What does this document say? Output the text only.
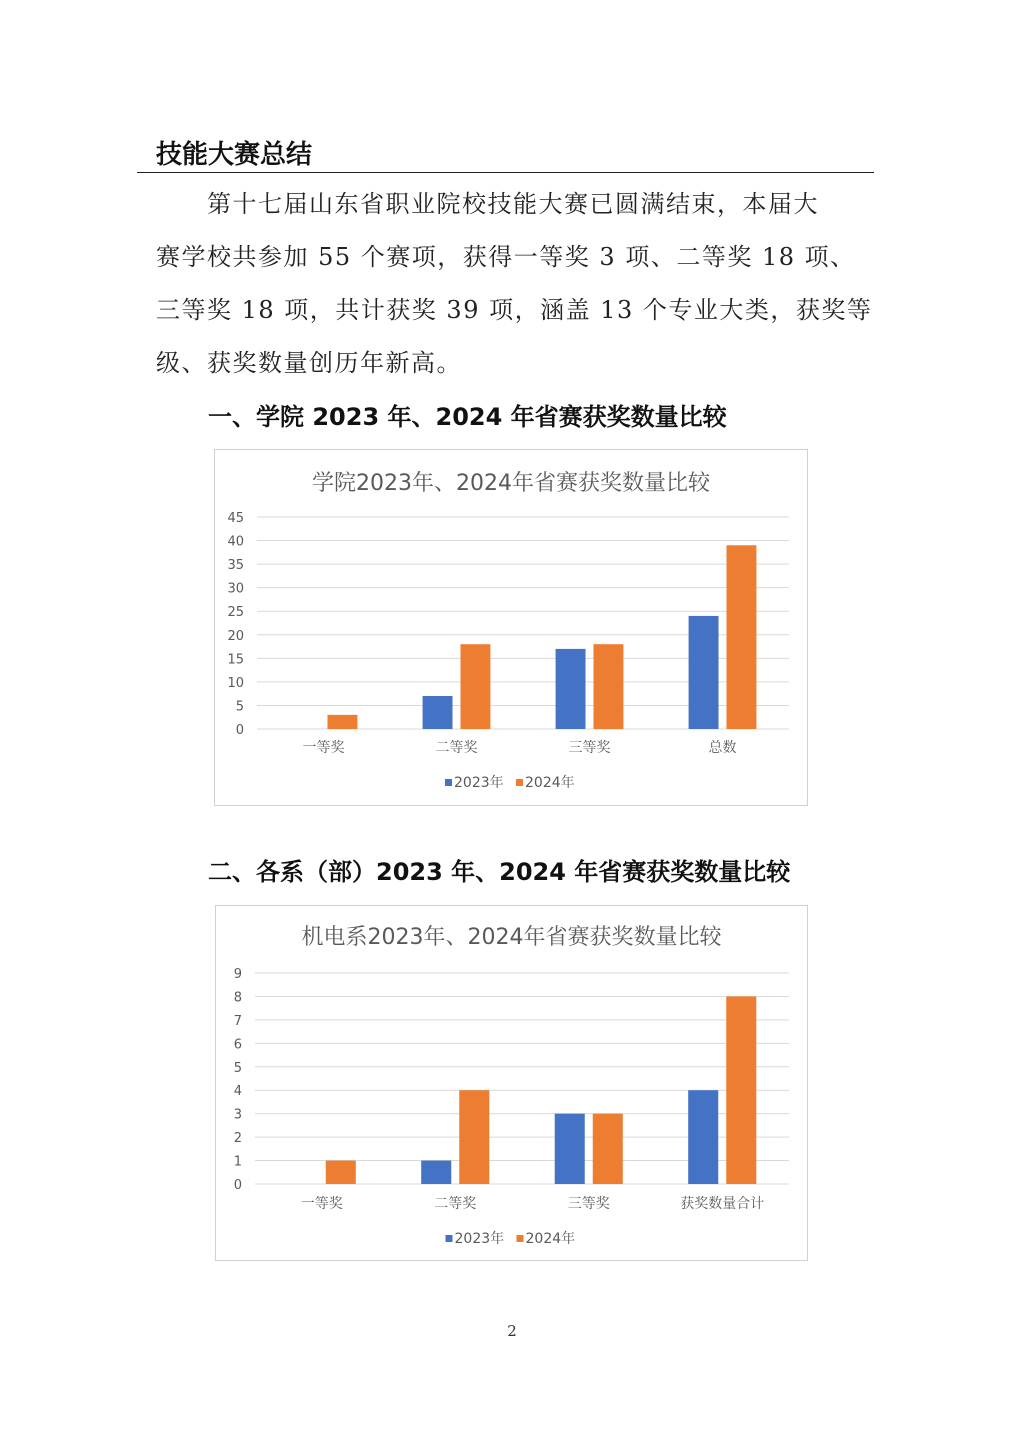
技能大赛总结
　　第十七届山东省职业院校技能大赛已圆满结束，本届大
赛学校共参加 55 个赛项，获得一等奖 3 项、二等奖 18 项、
三等奖 18 项，共计获奖 39 项，涵盖 13 个专业大类，获奖等
级、获奖数量创历年新高。
一、学院 2023 年、2024 年省赛获奖数量比较
学院2023年、2024年省赛获奖数量比较
0
5
10
15
20
25
30
35
40
45
一等奖	二等奖	三等奖	总数
2023年 2024年
二、各系（部）2023 年、2024 年省赛获奖数量比较
机电系2023年、2024年省赛获奖数量比较
0
1
2
3
4
5
6
7
8
9
一等奖	二等奖	三等奖	获奖数量合计
2023年 2024年
2
